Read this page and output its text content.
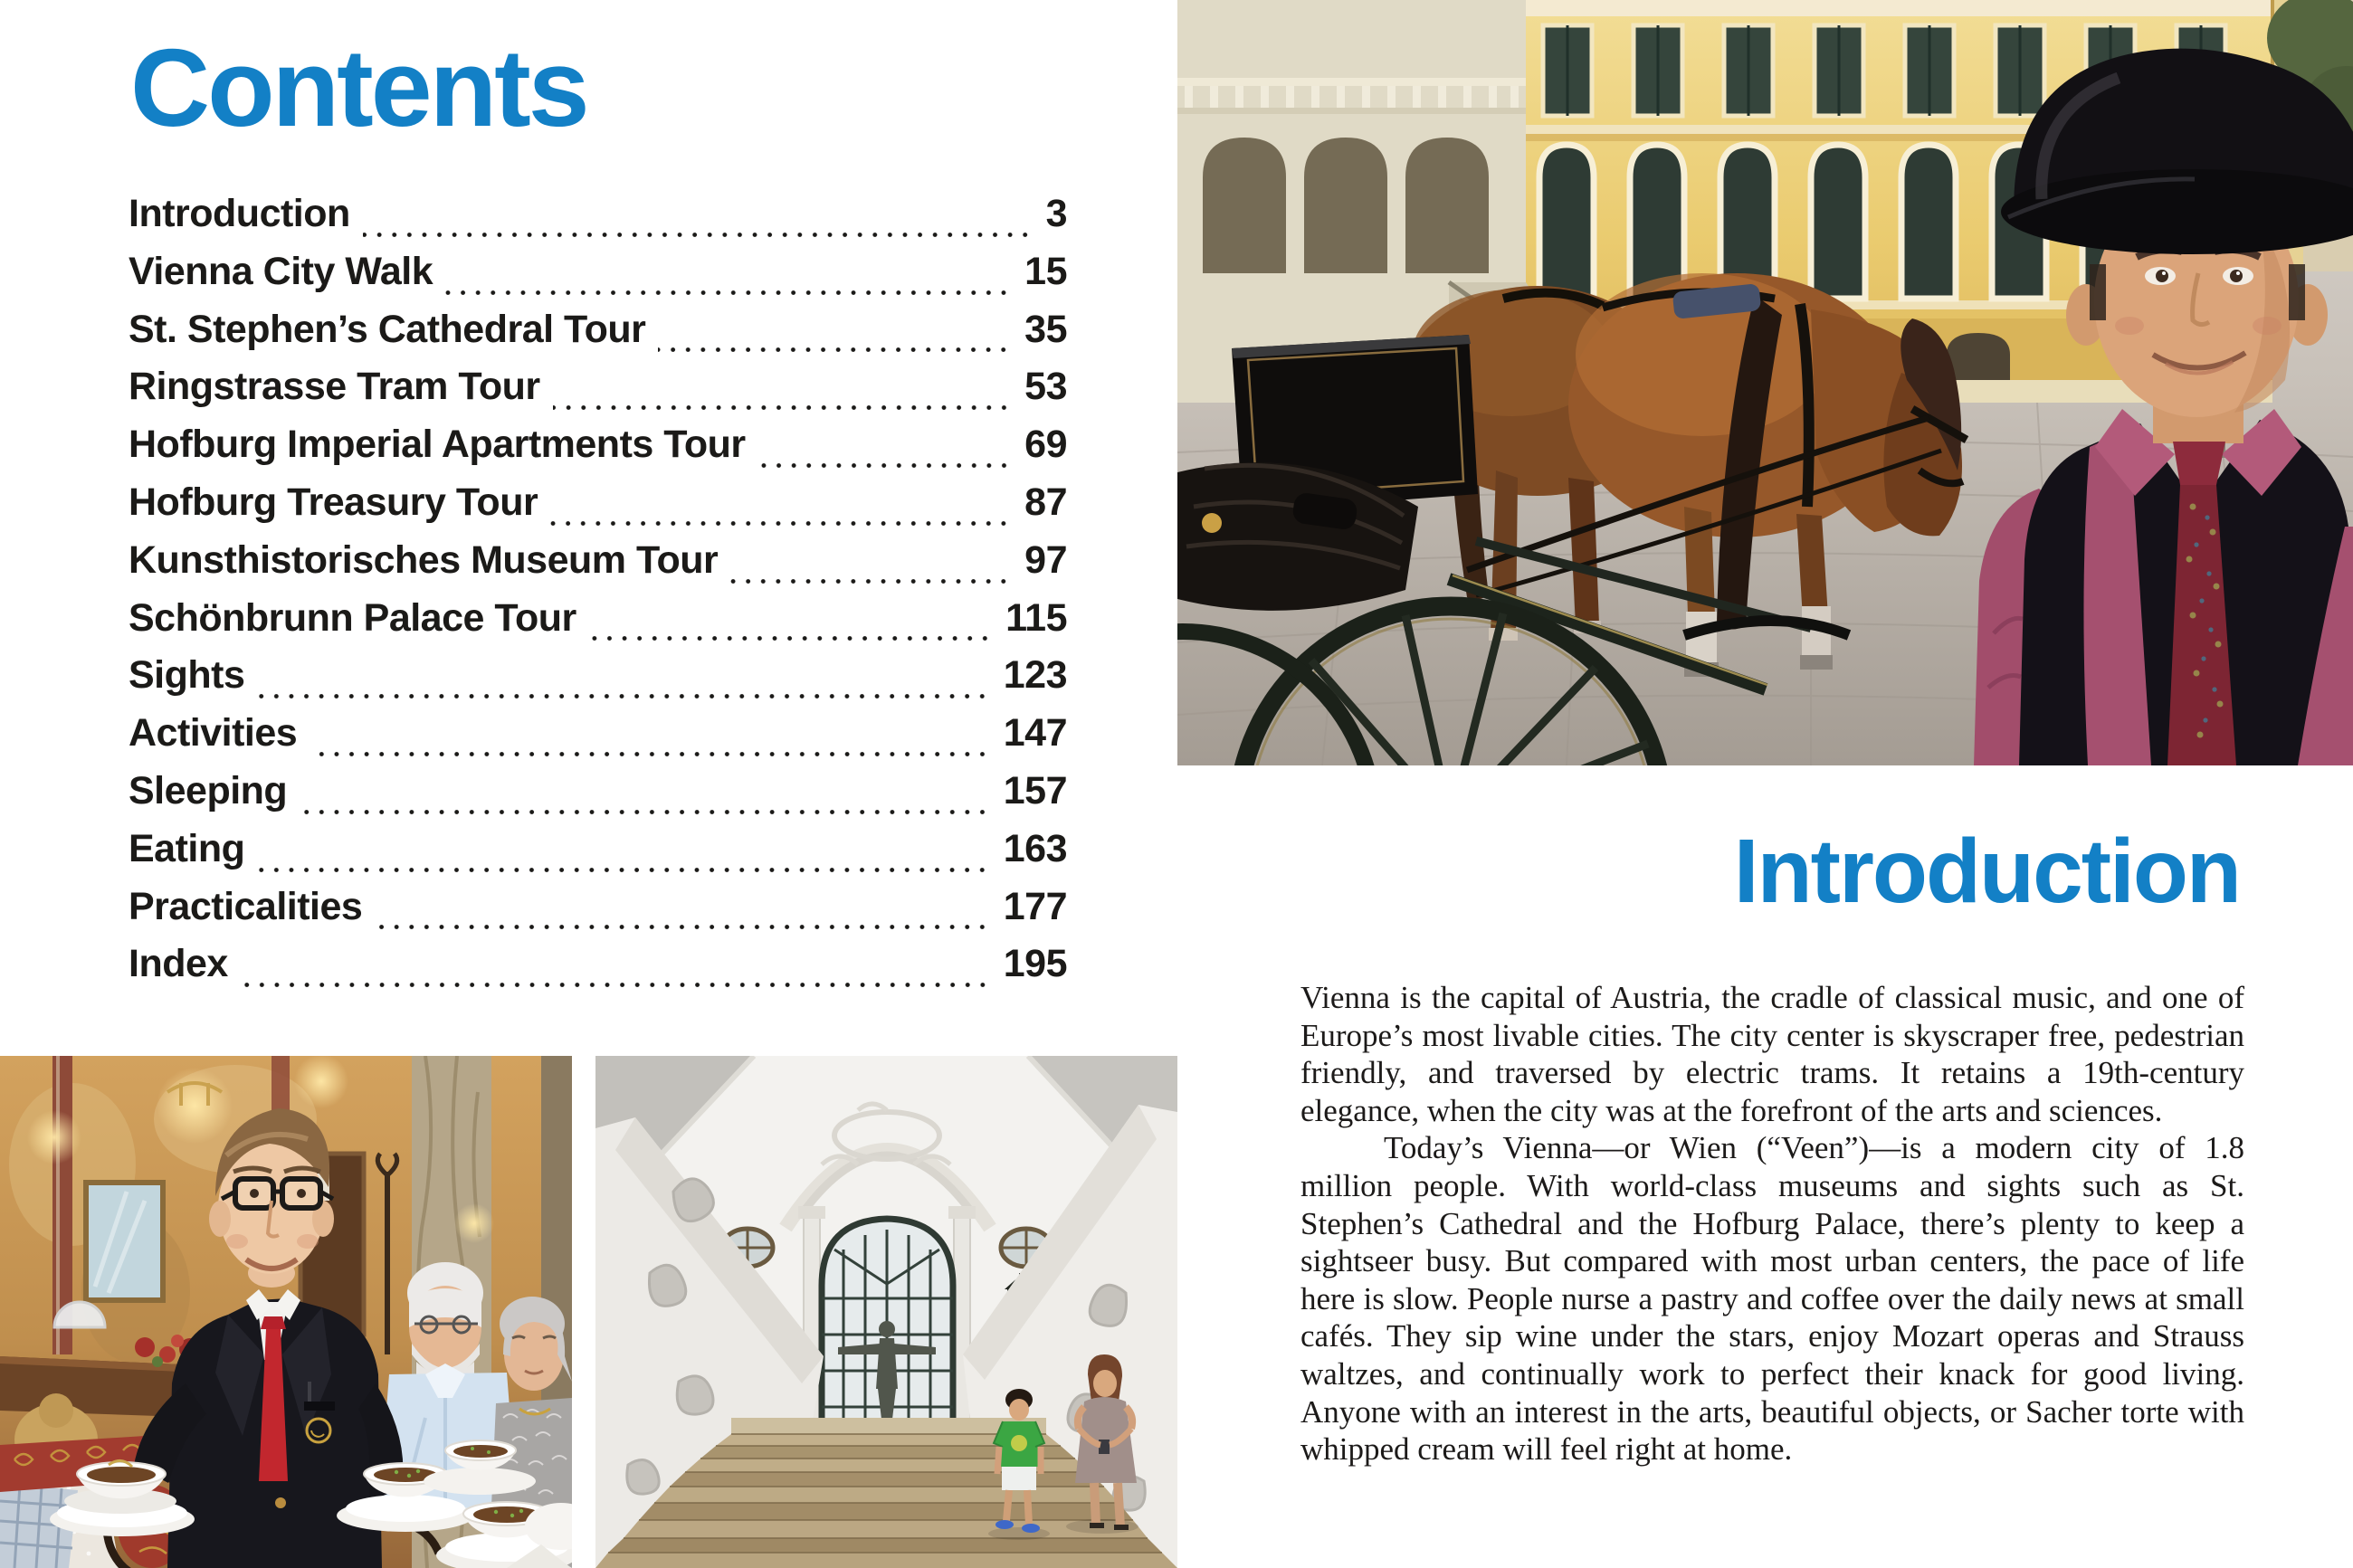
Contents
Introduction	3
Vienna City Walk	15
St. Stephen’s Cathedral Tour	35
Ringstrasse Tram Tour	53
Hofburg Imperial Apartments Tour	69
Hofburg Treasury Tour	87
Kunsthistorisches Museum Tour	97
Schönbrunn Palace Tour	115
Sights	123
Activities	147
Sleeping	157
Eating	163
Practicalities	177
Index	195
Introduction

Vienna is the capital of Austria, the cradle of classical music, and one of Europe’s most livable cities. The city center is skyscraper free, pedestrian friendly, and traversed by electric trams. It retains a 19th-century elegance, when the city was at the forefront of the arts and sciences.

Today’s Vienna—or Wien (“Veen”)—is a modern city of 1.8 million people. With world-class museums and sights such as St. Stephen’s Cathedral and the Hofburg Palace, there’s plenty to keep a sightseer busy. But compared with most urban centers, the pace of life here is slow. People nurse a pastry and coffee over the daily news at small cafés. They sip wine under the stars, enjoy Mozart operas and Strauss waltzes, and continually work to perfect their knack for good living. Anyone with an interest in the arts, beautiful objects, or Sacher torte with whipped cream will feel right at home.
